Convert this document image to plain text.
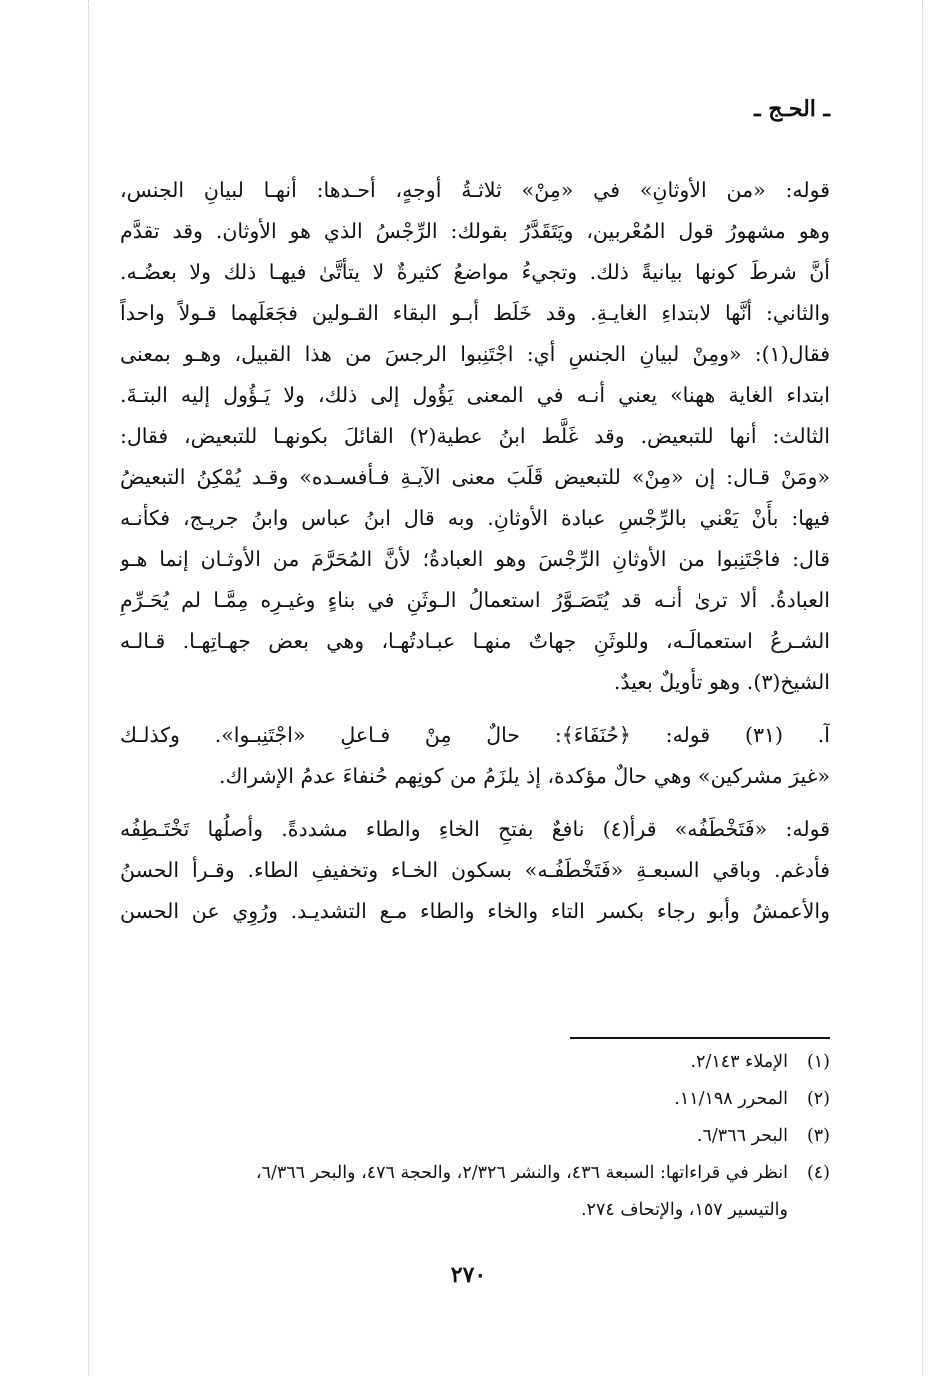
ـ الحـج ـ
قوله: «من الأوثانِ» في «مِنْ» ثلاثـةُ أوجهٍ، أحـدها: أنهـا لبيانِ الجنس،
وهو مشهورُ قول المُعْربين، ويَتَقَدَّرُ بقولك: الرِّجْسُ الذي هو الأوثان. وقد تقدَّم
أنَّ شرطَ كونها بيانيةً ذلك. وتجيءُ مواضعُ كثيرةٌ لا يتأتَّىٰ فيهـا ذلك ولا بعضُـه.
والثاني: أنَّها لابتداءِ الغايـةِ. وقد خَلَط أبـو البقاء القـولين فجَعَلَهما قـولاً واحداً
فقال(١): «ومِنْ لبيانِ الجنسِ أي: اجْتَنِبوا الرجسَ من هذا القبيل، وهـو بمعنى
ابتداء الغاية ههنا» يعني أنـه في المعنى يَؤُول إلى ذلك، ولا يَـؤُول إليه البتـةَ.
الثالث: أنها للتبعيض. وقد غَلَّط ابنُ عطية(٢) القائلَ بكونهـا للتبعيض، فقال:
«ومَنْ قـال: إن «مِنْ» للتبعيض قَلَبَ معنى الآيـةِ فـأفسـده» وقـد يُمْكِنُ التبعيضُ
فيها: بأَنْ يَعْني بالرِّجْسِ عبادة الأوثانِ. وبه قال ابنُ عباس وابنُ جريـج، فكأنـه
قال: فاجْتَنِبوا من الأوثانِ الرِّجْسَ وهو العبادةُ؛ لأنَّ المُحَرَّمَ من الأوثـان إنما هـو
العبادةُ. ألا ترىٰ أنـه قد يُتَصَـوَّرُ استعمالُ الـوثَنِ في بناءٍ وغيـرِه مِمَّـا لم يُحَـرِّمِ
الشـرعُ استعمالَـه، وللوثَنِ جهاتٌ منهـا عبـادتُهـا، وهي بعض جهـاتِهـا. قـالـه
الشيخ(٣). وهو تأويلٌ بعيدٌ.
آ. (٣١) قوله: ﴿حُنَفَاءَ﴾: حالٌ مِنْ فـاعلِ «اجْتَنِبـوا». وكذلـك
«غيرَ مشركين» وهي حالٌ مؤكدة، إذ يلزَمُ من كونِهم حُنفاءَ عدمُ الإشراك.
قوله: «فَتَخْطَفُه» قرأ(٤) نافعٌ بفتحِ الخاءِ والطاء مشددةً. وأصلُها تَخْتَـطِفُه
فأدغم. وباقي السبعـةِ «فَتَخْطَفُـه» بسكون الخـاء وتخفيفِ الطاء. وقـرأ الحسنُ
والأعمشُ وأبو رجاء بكسر التاء والخاء والطاء مـع التشديـد. ورُوِي عن الحسن
(١)الإملاء ٢/١٤٣.
(٢)المحرر ١١/١٩٨.
(٣)البحر ٦/٣٦٦.
(٤)انظر في قراءاتها: السبعة ٤٣٦، والنشر ٢/٣٢٦، والحجة ٤٧٦، والبحر ٦/٣٦٦،
والتيسير ١٥٧، والإتحاف ٢٧٤.
٢٧٠
